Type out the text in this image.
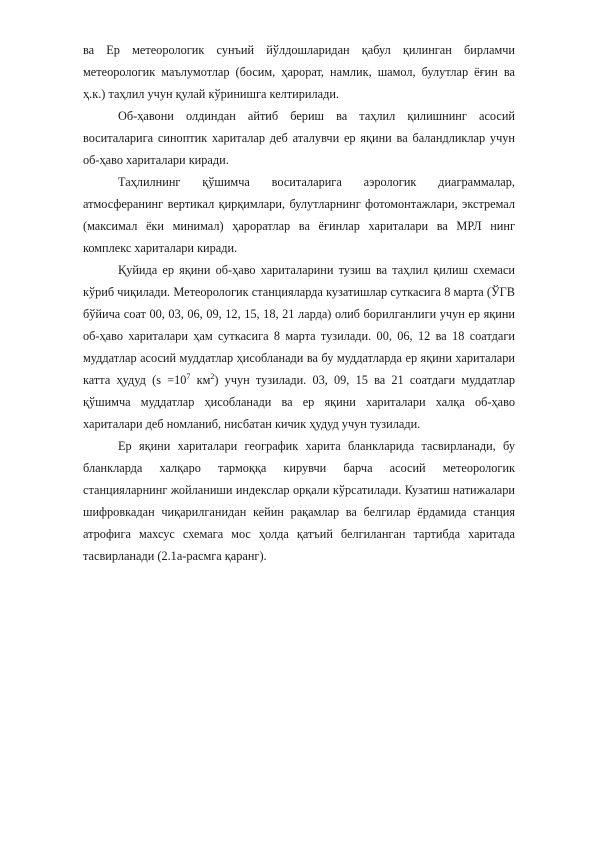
ва Ер метеорологик сунъий йўлдошларидан қабул қилинган бирламчи метеорологик маълумотлар (босим, ҳарорат, намлик, шамол, булутлар ёғин ва ҳ.к.) таҳлил учун қулай кўринишга келтирилади.

Об-ҳавони олдиндан айтиб бериш ва таҳлил қилишнинг асосий воситаларига синоптик хариталар деб аталувчи ер яқини ва баландликлар учун об-ҳаво хариталари киради.

Таҳлилнинг қўшимча воситаларига аэрологик диаграммалар, атмосферанинг вертикал қирқимлари, булутларнинг фотомонтажлари, экстремал (максимал ёки минимал) ҳароратлар ва ёғинлар хариталари ва МРЛ нинг комплекс хариталари киради.

Қуйида ер яқини об-ҳаво хариталарини тузиш ва таҳлил қилиш схемаси кўриб чиқилади. Метеорологик станцияларда кузатишлар суткасига 8 марта (ЎГВ бўйича соат 00, 03, 06, 09, 12, 15, 18, 21 ларда) олиб борилганлиги учун ер яқини об-ҳаво хариталари ҳам суткасига 8 марта тузилади. 00, 06, 12 ва 18 соатдаги муддатлар асосий муддатлар ҳисобланади ва бу муддатларда ер яқини хариталари катта ҳудуд ($s =10^7$ $км^2$) учун тузилади. 03, 09, 15 ва 21 соатдаги муддатлар қўшимча муддатлар ҳисобланади ва ер яқини хариталари халқа об-ҳаво хариталари деб номланиб, нисбатан кичик ҳудуд учун тузилади.

Ер яқини хариталари географик харита бланкларида тасвирланади, бу бланкларда халқаро тармоққа кирувчи барча асосий метеорологик станцияларнинг жойланиши индекслар орқали кўрсатилади. Кузатиш натижалари шифровкадан чиқарилганидан кейин рақамлар ва белгилар ёрдамида станция атрофига махсус схемага мос ҳолда қатъий белгиланган тартибда харитада тасвирланади (2.1а-расмга қаранг).
